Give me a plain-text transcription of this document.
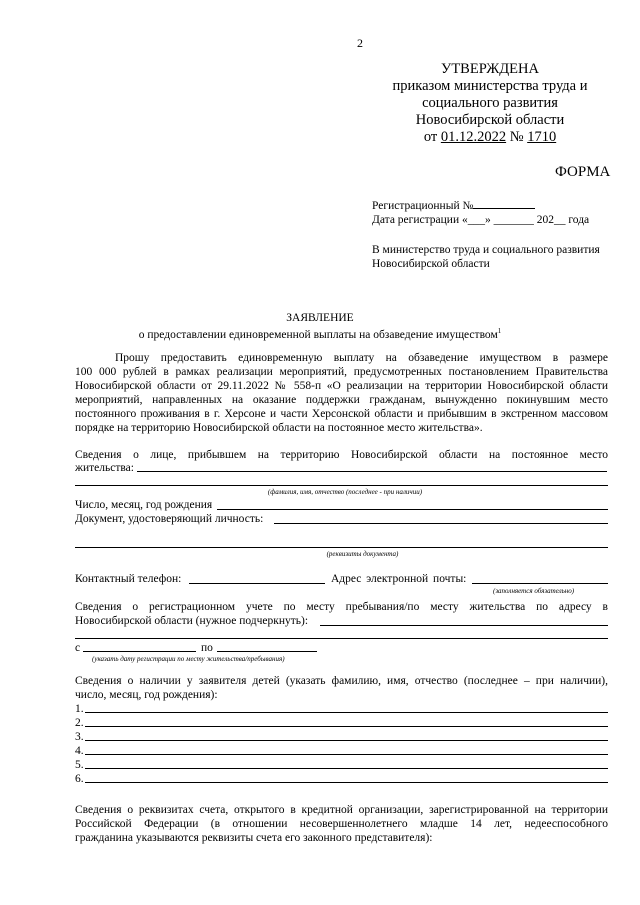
2
УТВЕРЖДЕНА
приказом министерства труда и
социального развития
Новосибирской области
от 01.12.2022 № 1710
ФОРМА
Регистрационный №
Дата регистрации «___» _______ 202__ года
В министерство труда и социального развития
Новосибирской области
ЗАЯВЛЕНИЕ
о предоставлении единовременной выплаты на обзаведение имуществом$^1$
Прошу предоставить единовременную выплату на обзаведение имуществом в размере
100 000 рублей в рамках реализации мероприятий, предусмотренных постановлением Правительства
Новосибирской области от 29.11.2022 № 558-п «О реализации на территории Новосибирской области
мероприятий, направленных на оказание поддержки гражданам, вынужденно покинувшим место
постоянного проживания в г. Херсоне и части Херсонской области и прибывшим в экстренном массовом
порядке на территорию Новосибирской области на постоянное место жительства».
Сведения о лице, прибывшем на территорию Новосибирской области на постоянное место
жительства:
(фамилия, имя, отчество (последнее - при наличии)
Число, месяц, год рождения
Документ, удостоверяющий личность:
(реквизиты документа)
Контактный телефон:	Адрес электронной почты:
(заполняется обязательно)
Сведения о регистрационном учете по месту пребывания/по месту жительства по адресу в
Новосибирской области (нужное подчеркнуть):
с	по
(указать дату регистрации по месту жительства/пребывания)
Сведения о наличии у заявителя детей (указать фамилию, имя, отчество (последнее – при наличии),
число, месяц, год рождения):
1.
2.
3.
4.
5.
6.
Сведения о реквизитах счета, открытого в кредитной организации, зарегистрированной на территории
Российской Федерации (в отношении несовершеннолетнего младше 14 лет, недееспособного
гражданина указываются реквизиты счета его законного представителя):
